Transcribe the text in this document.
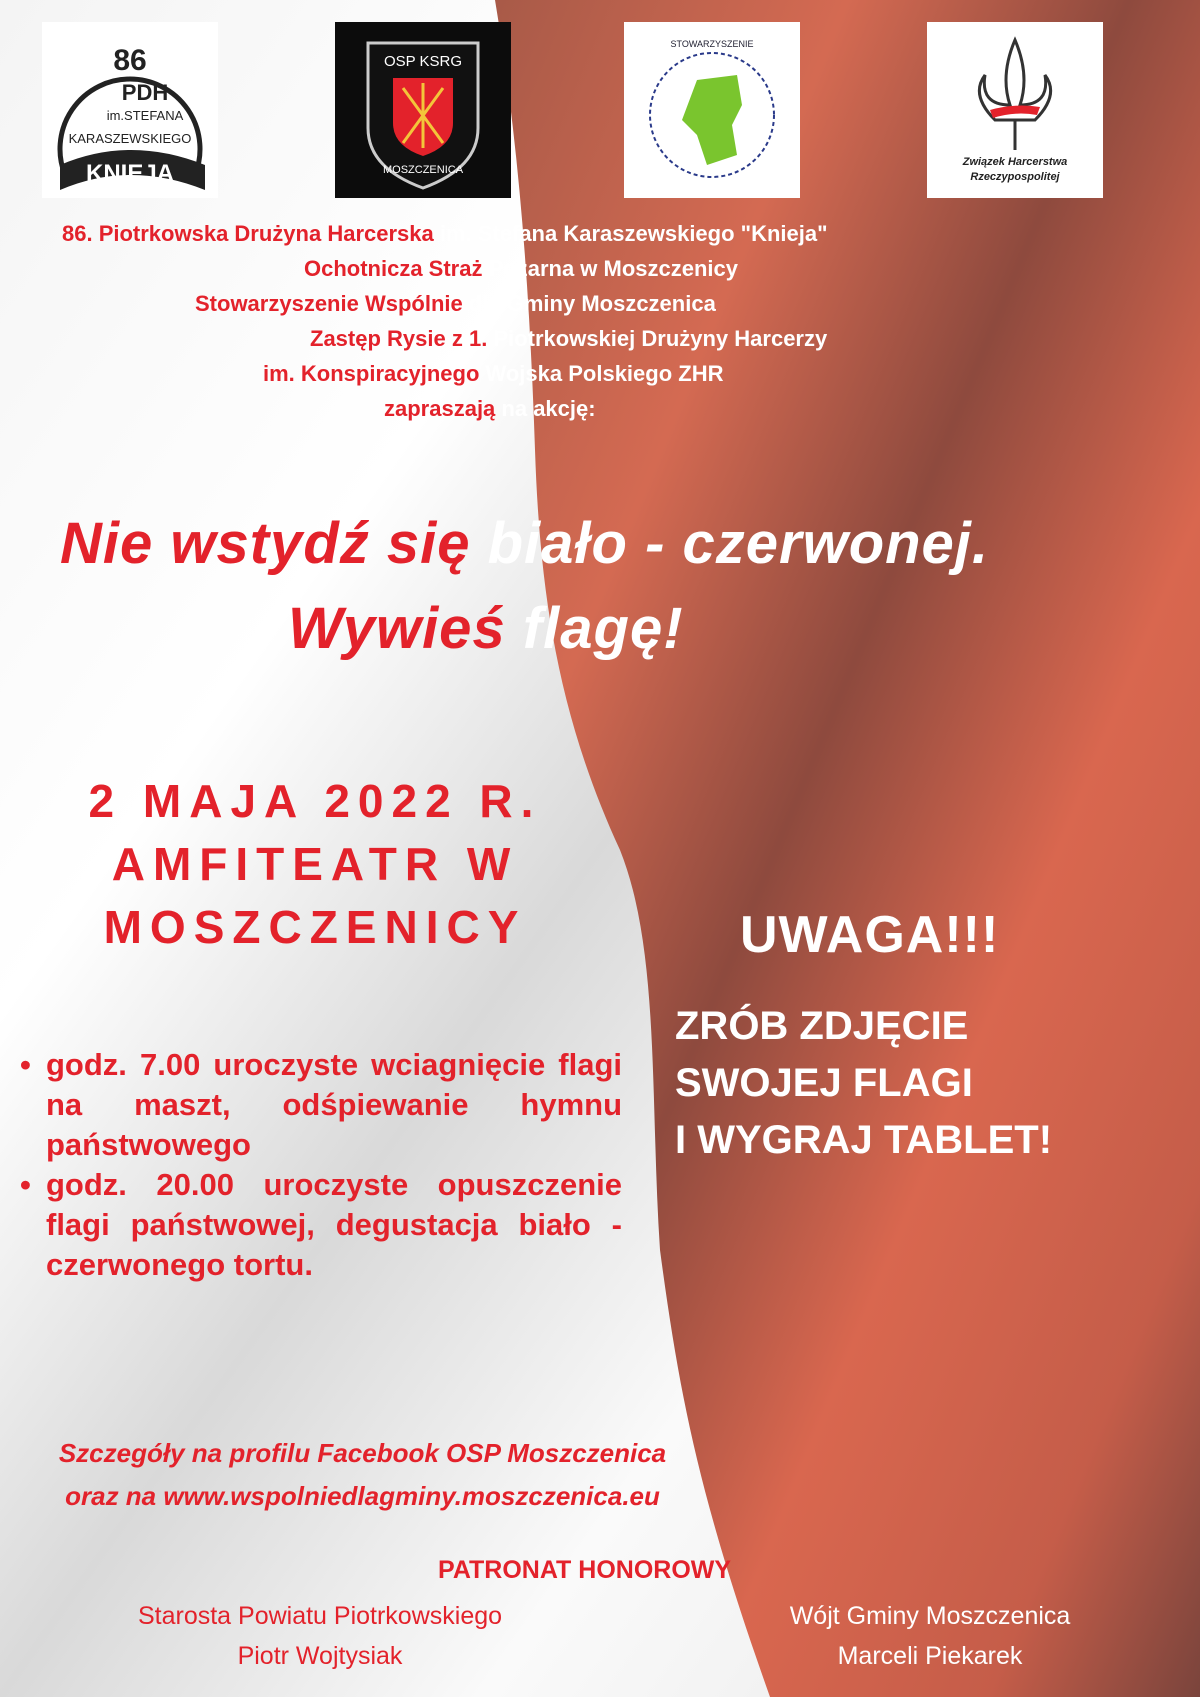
86
PDH
im.STEFANA
KARASZEWSKIEGO
KNIEJA
OSP KSRG
MOSZCZENICA
STOWARZYSZENIE
Związek Harcerstwa
Rzeczypospolitej
86. Piotrkowska Drużyna Harcerska im. Stefana Karaszewskiego "Knieja"
Ochotnicza Straż Pożarna w Moszczenicy
Stowarzyszenie Wspólnie dla Gminy Moszczenica
Zastęp Rysie z 1. Piotrkowskiej Drużyny Harcerzy
im. Konspiracyjnego Wojska Polskiego ZHR
zapraszają na akcję:
Nie wstydź się biało - czerwonej.
Wywieś flagę!
2 MAJA 2022 R.
AMFITEATR W
MOSZCZENICY
• godz. 7.00 uroczyste wciagnięcie flagi na maszt, odśpiewanie hymnu państwowego
• godz. 20.00 uroczyste opuszczenie flagi państwowej, degustacja biało - czerwonego tortu.
UWAGA!!!
ZRÓB ZDJĘCIE
SWOJEJ FLAGI
I WYGRAJ TABLET!
Szczegóły na profilu Facebook OSP Moszczenica
oraz na www.wspolniedlagminy.moszczenica.eu
PATRONAT HONOROWY
Starosta Powiatu Piotrkowskiego
Piotr Wojtysiak
Wójt Gminy Moszczenica
Marceli Piekarek
